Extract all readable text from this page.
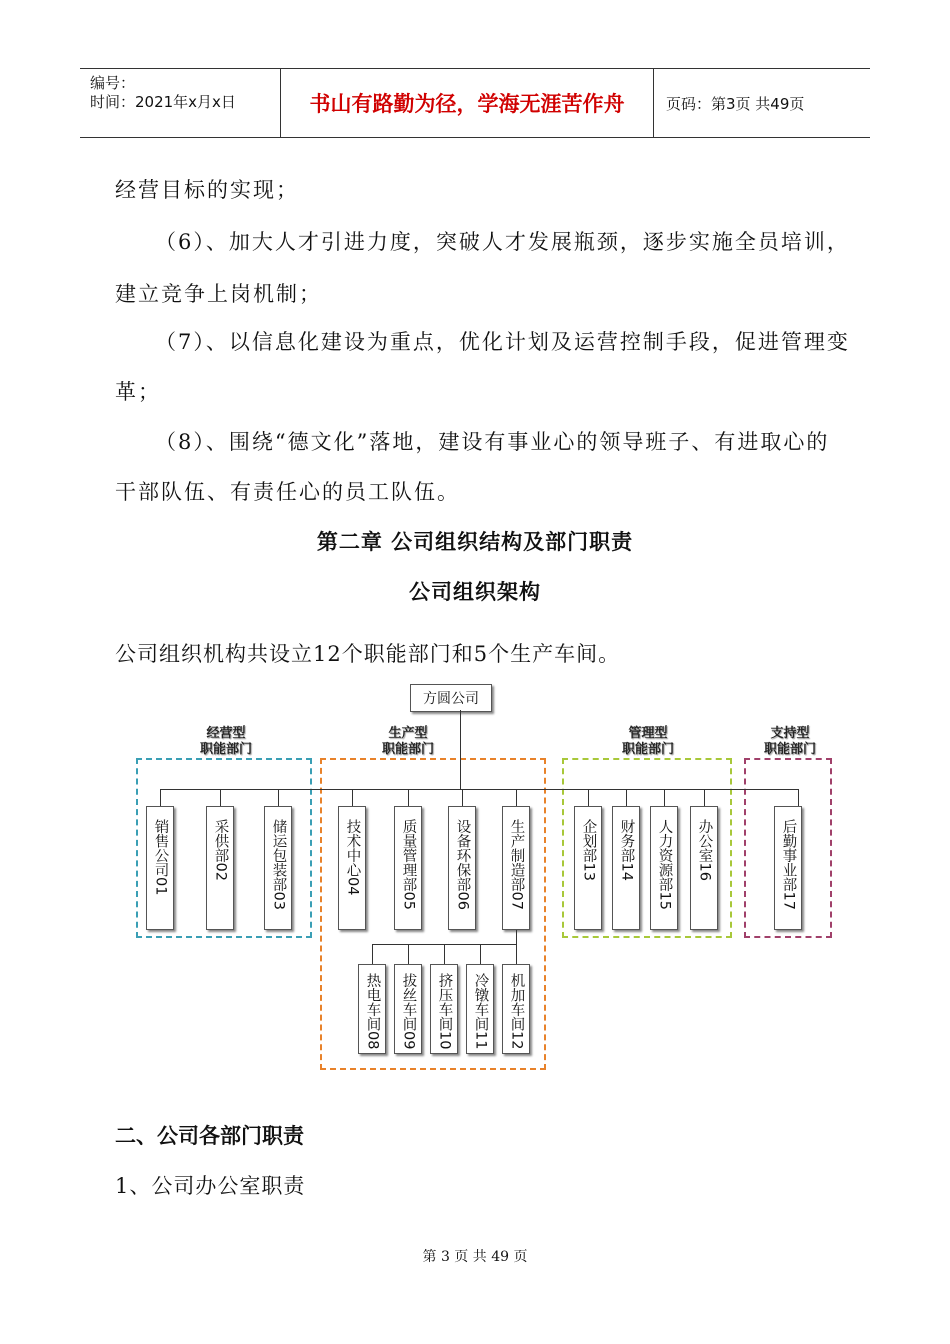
编号：
时间：2021年x月x日	书山有路勤为径，学海无涯苦作舟	页码：第3页 共49页
经营目标的实现；
（6）、加大人才引进力度，突破人才发展瓶颈，逐步实施全员培训，
建立竞争上岗机制；
（7）、以信息化建设为重点，优化计划及运营控制手段，促进管理变
革；
（8）、围绕“德文化”落地，建设有事业心的领导班子、有进取心的
干部队伍、有责任心的员工队伍。
第二章 公司组织结构及部门职责
公司组织架构
公司组织机构共设立12个职能部门和5个生产车间。
经营型
职能部门
生产型
职能部门
管理型
职能部门
支持型
职能部门
方圆公司
销售公司01	采供部02	储运包装部03	技术中心04	质量管理部05	设备环保部06	生产制造部07	企划部13 财务部14 人力资源部15 办公室16	后勤事业部17
热电车间08 拔丝车间09 挤压车间10 冷镦车间11 机加车间12
二、公司各部门职责
1、公司办公室职责
第 3 页 共 49 页
